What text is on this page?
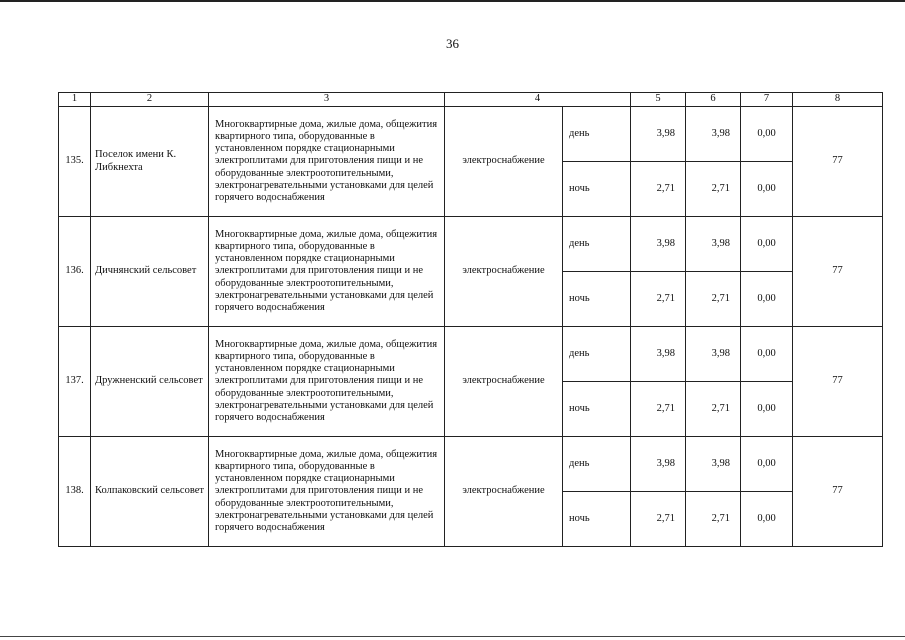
36
1	2	3	4		5	6	7	8
135.	Поселок имени К. Либкнехта	Многоквартирные дома, жилые дома, общежития квартирного типа, оборудованные в установленном порядке стационарными электроплитами для приготовления пищи и не оборудованные электроотопительными, электронагревательными установками для целей горячего водоснабжения	электроснабжение	день	3,98	3,98	0,00	77
				ночь	2,71	2,71	0,00	
136.	Дичнянский сельсовет	Многоквартирные дома, жилые дома, общежития квартирного типа, оборудованные в установленном порядке стационарными электроплитами для приготовления пищи и не оборудованные электроотопительными, электронагревательными установками для целей горячего водоснабжения	электроснабжение	день	3,98	3,98	0,00	77
				ночь	2,71	2,71	0,00	
137.	Дружненский сельсовет	Многоквартирные дома, жилые дома, общежития квартирного типа, оборудованные в установленном порядке стационарными электроплитами для приготовления пищи и не оборудованные электроотопительными, электронагревательными установками для целей горячего водоснабжения	электроснабжение	день	3,98	3,98	0,00	77
				ночь	2,71	2,71	0,00	
138.	Колпаковский сельсовет	Многоквартирные дома, жилые дома, общежития квартирного типа, оборудованные в установленном порядке стационарными электроплитами для приготовления пищи и не оборудованные электроотопительными, электронагревательными установками для целей горячего водоснабжения	электроснабжение	день	3,98	3,98	0,00	77
				ночь	2,71	2,71	0,00	
